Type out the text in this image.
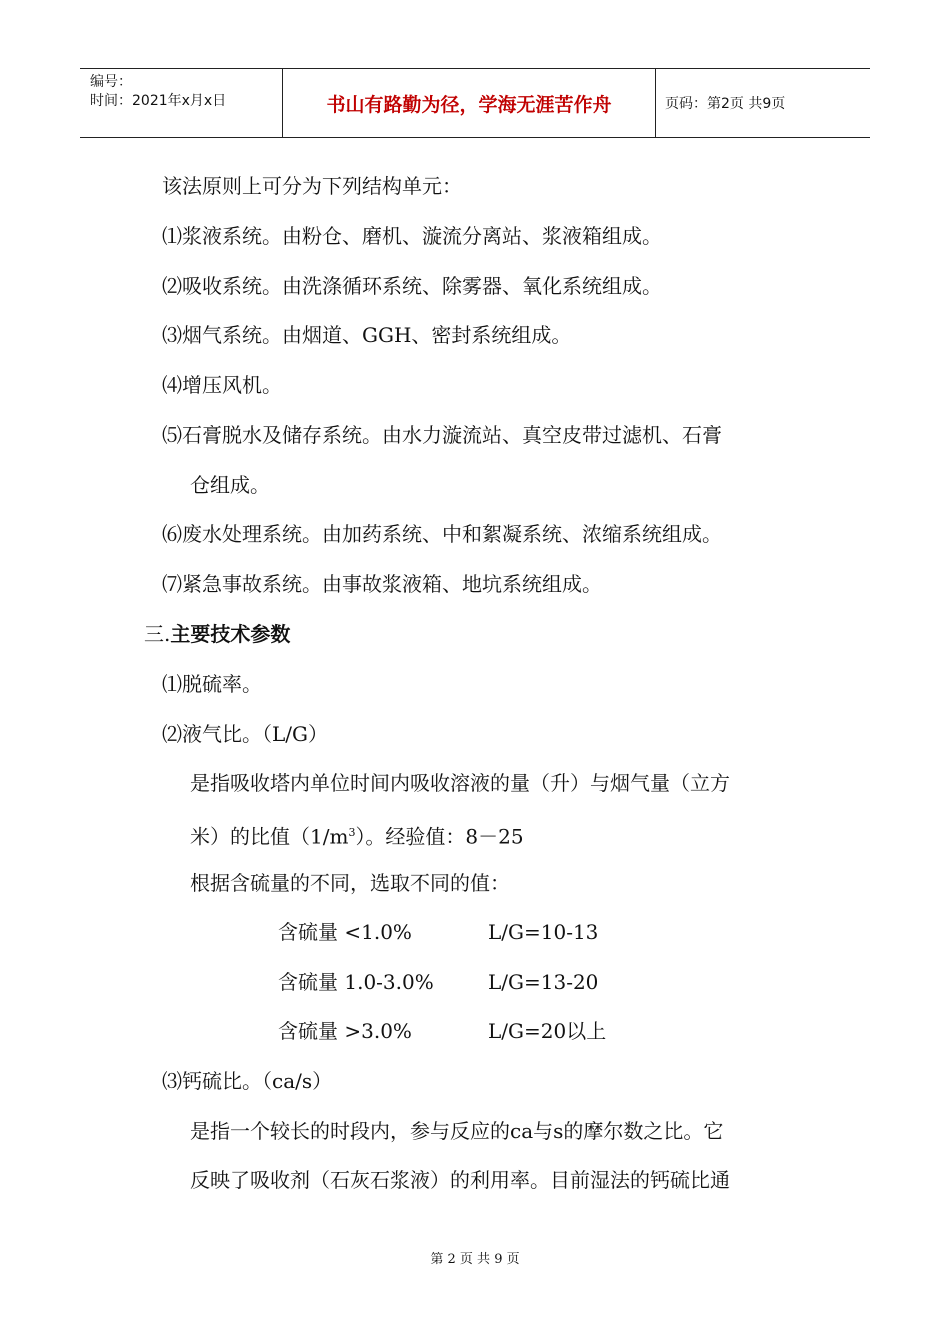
编号：
时间：2021年x月x日	书山有路勤为径，学海无涯苦作舟	页码：第2页 共9页
该法原则上可分为下列结构单元：
⑴浆液系统。由粉仓、磨机、漩流分离站、浆液箱组成。
⑵吸收系统。由洗涤循环系统、除雾器、氧化系统组成。
⑶烟气系统。由烟道、GGH、密封系统组成。
⑷增压风机。
⑸石膏脱水及储存系统。由水力漩流站、真空皮带过滤机、石膏
仓组成。
⑹废水处理系统。由加药系统、中和絮凝系统、浓缩系统组成。
⑺紧急事故系统。由事故浆液箱、地坑系统组成。
三.主要技术参数
⑴脱硫率。
⑵液气比。（L/G）
是指吸收塔内单位时间内吸收溶液的量（升）与烟气量（立方
米）的比值$(1/m^3)$。经验值：8－25
根据含硫量的不同，选取不同的值：
含硫量 <1.0%	L/G=10-13
含硫量 1.0-3.0%	L/G=13-20
含硫量 >3.0%	L/G=20以上
⑶钙硫比。（ca/s）
是指一个较长的时段内，参与反应的ca与s的摩尔数之比。它
反映了吸收剂（石灰石浆液）的利用率。目前湿法的钙硫比通
第 2 页 共 9 页
